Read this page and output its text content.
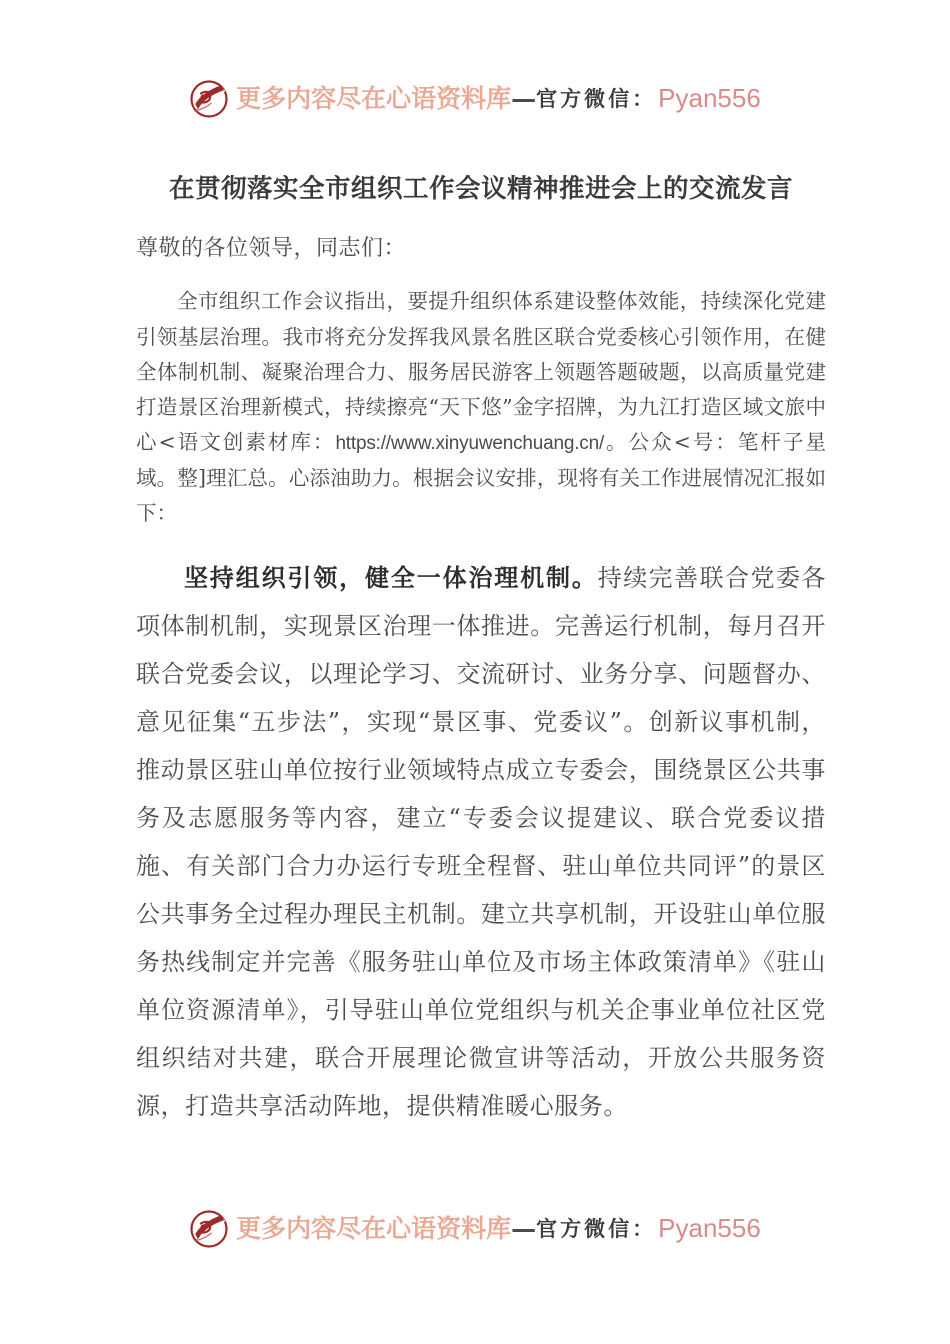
更多内容尽在心语资料库 — 官方微信： Pyan556
在贯彻落实全市组织工作会议精神推进会上的交流发言

尊敬的各位领导，同志们：

全市组织工作会议指出，要提升组织体系建设整体效能，持续深化党建引领基层治理。我市将充分发挥我风景名胜区联合党委核心引领作用，在健全体制机制、凝聚治理合力、服务居民游客上领题答题破题，以高质量党建打造景区治理新模式，持续擦亮“天下悠”金字招牌，为九江打造区域文旅中心<语文创素材库：https://www.xinyuwenchuang.cn/。公众<号：笔杆子星域。整]理汇总。心添油助力。根据会议安排，现将有关工作进展情况汇报如下：

坚持组织引领，健全一体治理机制。持续完善联合党委各项体制机制，实现景区治理一体推进。完善运行机制，每月召开联合党委会议，以理论学习、交流研讨、业务分享、问题督办、意见征集“五步法”，实现“景区事、党委议”。创新议事机制，推动景区驻山单位按行业领域特点成立专委会，围绕景区公共事务及志愿服务等内容，建立“专委会议提建议、联合党委议措施、有关部门合力办运行专班全程督、驻山单位共同评”的景区公共事务全过程办理民主机制。建立共享机制，开设驻山单位服务热线制定并完善《服务驻山单位及市场主体政策清单》《驻山单位资源清单》，引导驻山单位党组织与机关企事业单位社区党组织结对共建，联合开展理论微宣讲等活动，开放公共服务资源，打造共享活动阵地，提供精准暖心服务。

更多内容尽在心语资料库 — 官方微信： Pyan556
